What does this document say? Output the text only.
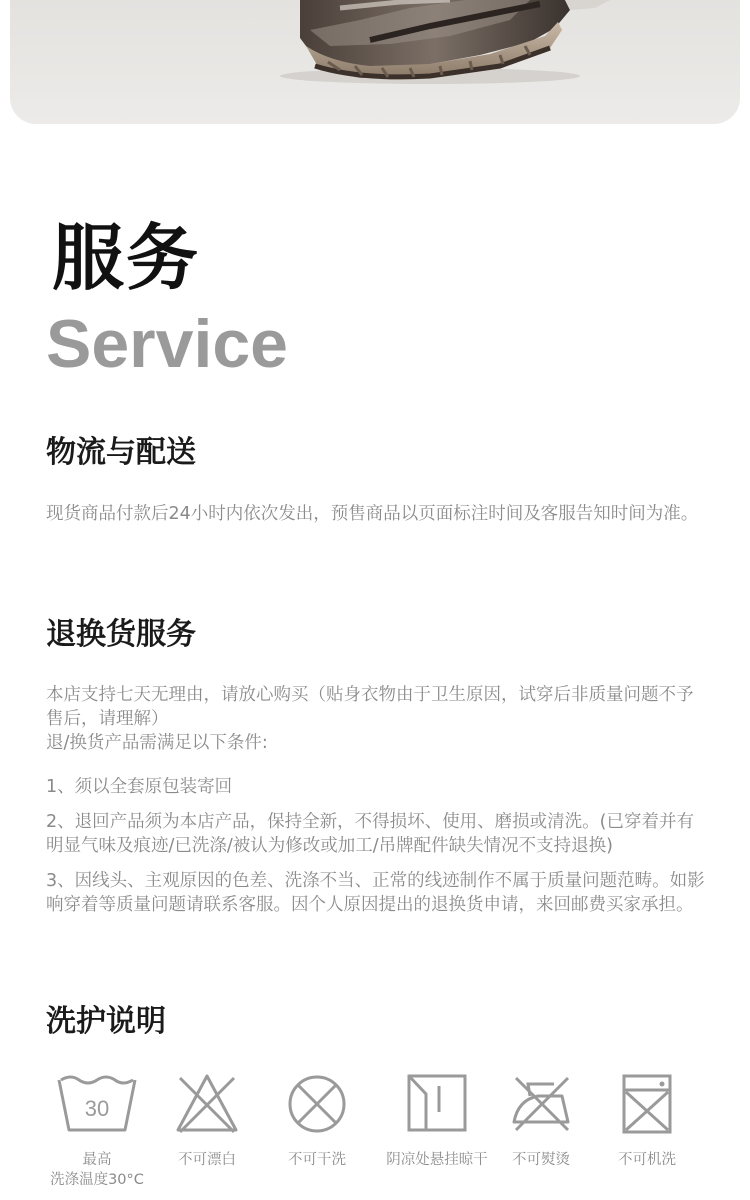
服务
Service
物流与配送

现货商品付款后24小时内依次发出，预售商品以页面标注时间及客服告知时间为准。

退换货服务

本店支持七天无理由，请放心购买（贴身衣物由于卫生原因，试穿后非质量问题不予售后，请理解）

退/换货产品需满足以下条件:

1、须以全套原包装寄回

2、退回产品须为本店产品，保持全新，不得损坏、使用、磨损或清洗。(已穿着并有明显气味及痕迹/已洗涤/被认为修改或加工/吊牌配件缺失情况不支持退换)

3、因线头、主观原因的色差、洗涤不当、正常的线迹制作不属于质量问题范畴。如影响穿着等质量问题请联系客服。因个人原因提出的退换货申请，来回邮费买家承担。

洗护说明
30
最高
洗涤温度30°C
不可漂白	不可干洗	阴凉处悬挂晾干	不可熨烫	不可机洗
